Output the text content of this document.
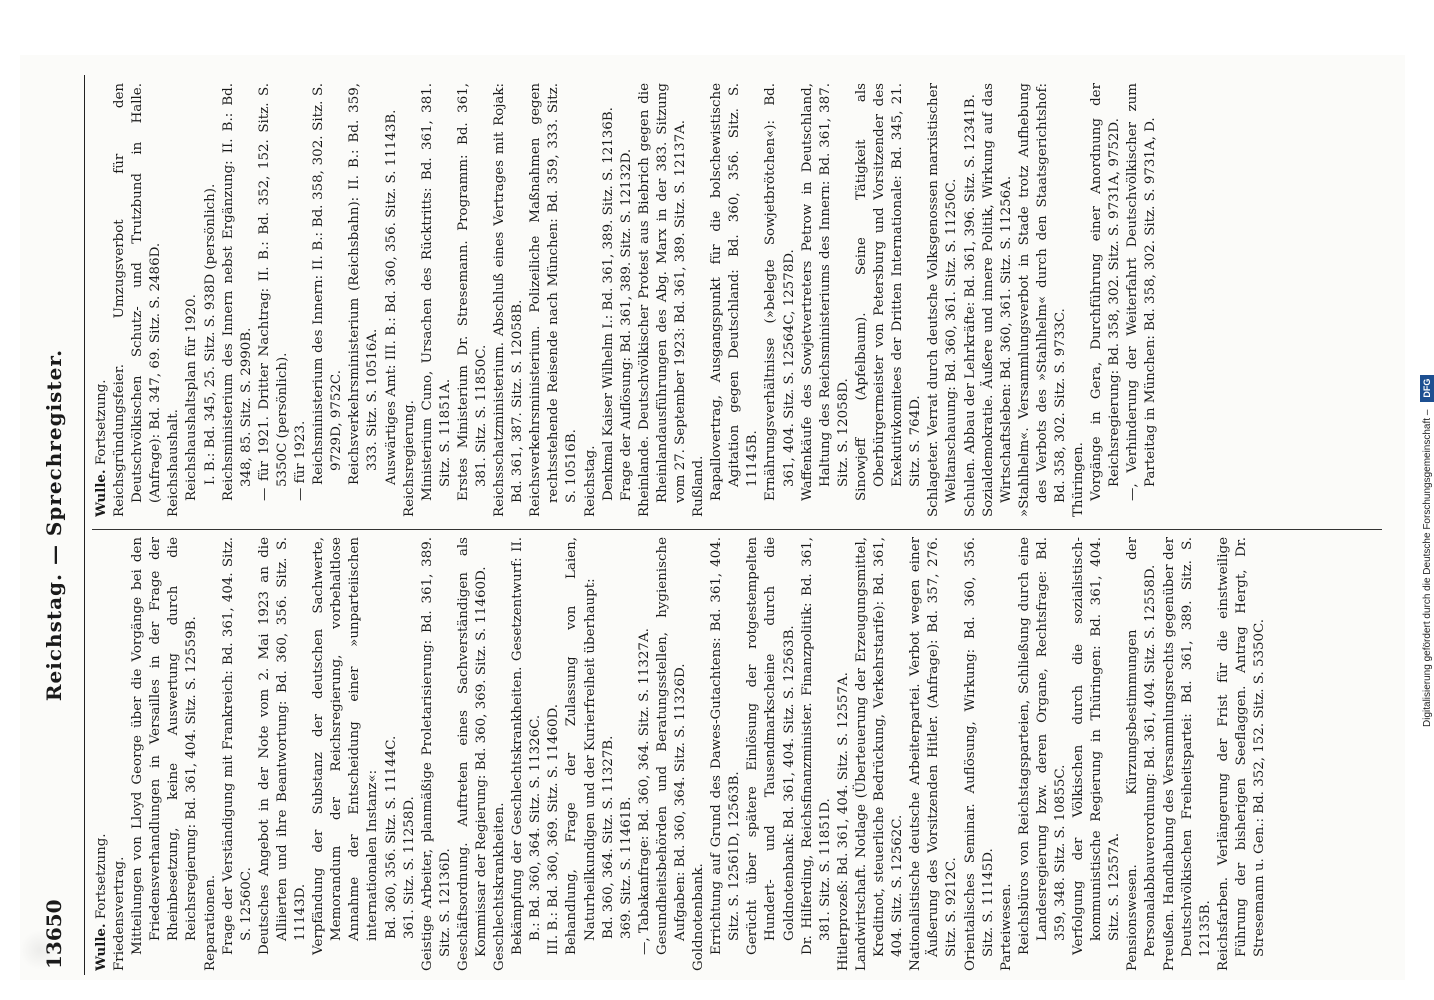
13650
Reichstag. — Sprechregister.

Wulle. Fortsetzung. Friedensvertrag. Mitteilungen von Lloyd George über die Vorgänge bei den Friedensverhandlungen in Versailles in der Frage der Rheinbesetzung, keine Auswertung durch die Reichsregierung: Bd. 361, 404. Sitz. S. 12559B. Reparationen. Frage der Verständigung mit Frankreich: Bd. 361, 404. Sitz. S. 12560C. Deutsches Angebot in der Note vom 2. Mai 1923 an die Alliierten und ihre Beantwortung: Bd. 360, 356. Sitz. S. 11143D. Verpfändung der Substanz der deutschen Sachwerte, Memorandum der Reichsregierung, vorbehaltlose Annahme der Entscheidung einer »unparteiischen internationalen Instanz«: Bd. 360, 356. Sitz. S. 11144C. 361. Sitz. S. 11258D. Geistige Arbeiter, planmäßige Proletarisierung: Bd. 361, 389. Sitz. S. 12136D. Geschäftsordnung. Auftreten eines Sachverständigen als Kommissar der Regierung: Bd. 360, 369. Sitz. S. 11460D. Geschlechtskrankheiten. Bekämpfung der Geschlechtskrankheiten. Gesetzentwurf: II. B.: Bd. 360, 364. Sitz. S. 11326C. III. B.: Bd. 360, 369. Sitz. S. 11460D. Behandlung, Frage der Zulassung von Laien, Naturheilkundigen und der Kurierfreiheit überhaupt: Bd. 360, 364. Sitz. S. 11327B. 369. Sitz. S. 11461B. —, Tabakanfrage: Bd. 360, 364. Sitz. S. 11327A. Gesundheitsbehörden und Beratungsstellen, hygienische Aufgaben: Bd. 360, 364. Sitz. S. 11326D. Goldnotenbank. Errichtung auf Grund des Dawes-Gutachtens: Bd. 361, 404. Sitz. S. 12561D, 12563B. Gerücht über spätere Einlösung der rotgestempelten Hundert- und Tausendmarkscheine durch die Goldnotenbank: Bd. 361, 404. Sitz. S. 12563B. Dr. Hilferding, Reichsfinanzminister. Finanzpolitik: Bd. 361, 381. Sitz. S. 11851D. Hitlerprozeß: Bd. 361, 404. Sitz. S. 12557A. Landwirtschaft. Notlage (Überteuerung der Erzeugungsmittel, Kreditnot, steuerliche Bedrückung, Verkehrstarife): Bd. 361, 404. Sitz. S. 12562C. Nationalistische deutsche Arbeiterpartei. Verbot wegen einer Äußerung des Vorsitzenden Hitler. (Anfrage): Bd. 357, 276. Sitz. S. 9212C. Orientalisches Seminar. Auflösung, Wirkung: Bd. 360, 356. Sitz. S. 11145D. Parteiwesen. Reichsbüros von Reichstagsparteien, Schließung durch eine Landesregierung bzw. deren Organe, Rechtsfrage: Bd. 359, 348. Sitz. S. 10855C. Verfolgung der Völkischen durch die sozialistisch-kommunistische Regierung in Thüringen: Bd. 361, 404. Sitz. S. 12557A. Pensionswesen. Kürzungsbestimmungen der Personalabbauverordnung: Bd. 361, 404. Sitz. S. 12558D. Preußen. Handhabung des Versammlungsrechts gegenüber der Deutschvölkischen Freiheitspartei: Bd. 361, 389. Sitz. S. 12135B. Reichsfarben. Verlängerung der Frist für die einstweilige Führung der bisherigen Seeflaggen. Antrag Hergt, Dr. Stresemann u. Gen.: Bd. 352, 152. Sitz. S. 5350C.

Wulle. Fortsetzung. Reichsgründungsfeier. Umzugsverbot für den Deutschvölkischen Schutz- und Trutzbund in Halle. (Anfrage): Bd. 347, 69. Sitz. S. 2486D. Reichshaushalt. Reichshaushaltsplan für 1920. I. B.: Bd. 345, 25. Sitz. S. 938D (persönlich). Reichsministerium des Innern nebst Ergänzung: II. B.: Bd. 348, 85. Sitz. S. 2990B. — für 1921. Dritter Nachtrag: II. B.: Bd. 352, 152. Sitz. S. 5350C (persönlich). — für 1923. Reichsministerium des Innern: II. B.: Bd. 358, 302. Sitz. S. 9729D, 9752C. Reichsverkehrsministerium (Reichsbahn): II. B.: Bd. 359, 333. Sitz. S. 10516A. Auswärtiges Amt: III. B.: Bd. 360, 356. Sitz. S. 11143B. Reichsregierung. Ministerium Cuno, Ursachen des Rücktritts: Bd. 361, 381. Sitz. S. 11851A. Erstes Ministerium Dr. Stresemann. Programm: Bd. 361, 381. Sitz. S. 11850C. Reichsschatzministerium. Abschluß eines Vertrages mit Rojak: Bd. 361, 387. Sitz. S. 12058B. Reichsverkehrsministerium. Polizeiliche Maßnahmen gegen rechtsstehende Reisende nach München: Bd. 359, 333. Sitz. S. 10516B. Reichstag. Denkmal Kaiser Wilhelm I.: Bd. 361, 389. Sitz. S. 12136B. Frage der Auflösung: Bd. 361, 389. Sitz. S. 12132D. Rheinlande. Deutschvölkischer Protest aus Biebrich gegen die Rheinlandausführungen des Abg. Marx in der 383. Sitzung vom 27. September 1923: Bd. 361, 389. Sitz. S. 12137A. Rußland. Rapallovertrag, Ausgangspunkt für die bolschewistische Agitation gegen Deutschland: Bd. 360, 356. Sitz. S. 11145B. Ernährungsverhältnisse (»belegte Sowjetbrötchen«): Bd. 361, 404. Sitz. S. 12564C, 12578D. Waffenkäufe des Sowjetvertreters Petrow in Deutschland, Haltung des Reichsministeriums des Innern: Bd. 361, 387. Sitz. S. 12058D. Sinowjeff (Apfelbaum). Seine Tätigkeit als Oberbürgermeister von Petersburg und Vorsitzender des Exekutivkomitees der Dritten Internationale: Bd. 345, 21. Sitz. S. 764D. Schlageter. Verrat durch deutsche Volksgenossen marxistischer Weltanschauung: Bd. 360, 361. Sitz. S. 11250C. Schulen. Abbau der Lehrkräfte: Bd. 361, 396. Sitz. S. 12341B. Sozialdemokratie. Äußere und innere Politik, Wirkung auf das Wirtschaftsleben: Bd. 360, 361. Sitz. S. 11256A. »Stahlhelm«. Versammlungsverbot in Stade trotz Aufhebung des Verbots des »Stahlhelm« durch den Staatsgerichtshof: Bd. 358, 302. Sitz. S. 9733C. Thüringen. Vorgänge in Gera, Durchführung einer Anordnung der Reichsregierung: Bd. 358, 302. Sitz. S. 9731A, 9752D. —, Verhinderung der Weiterfahrt Deutschvölkischer zum Parteitag in München: Bd. 358, 302. Sitz. S. 9731A, D.

Digitalisierung gefördert durch die Deutsche Forschungsgemeinschaft –
DFG
